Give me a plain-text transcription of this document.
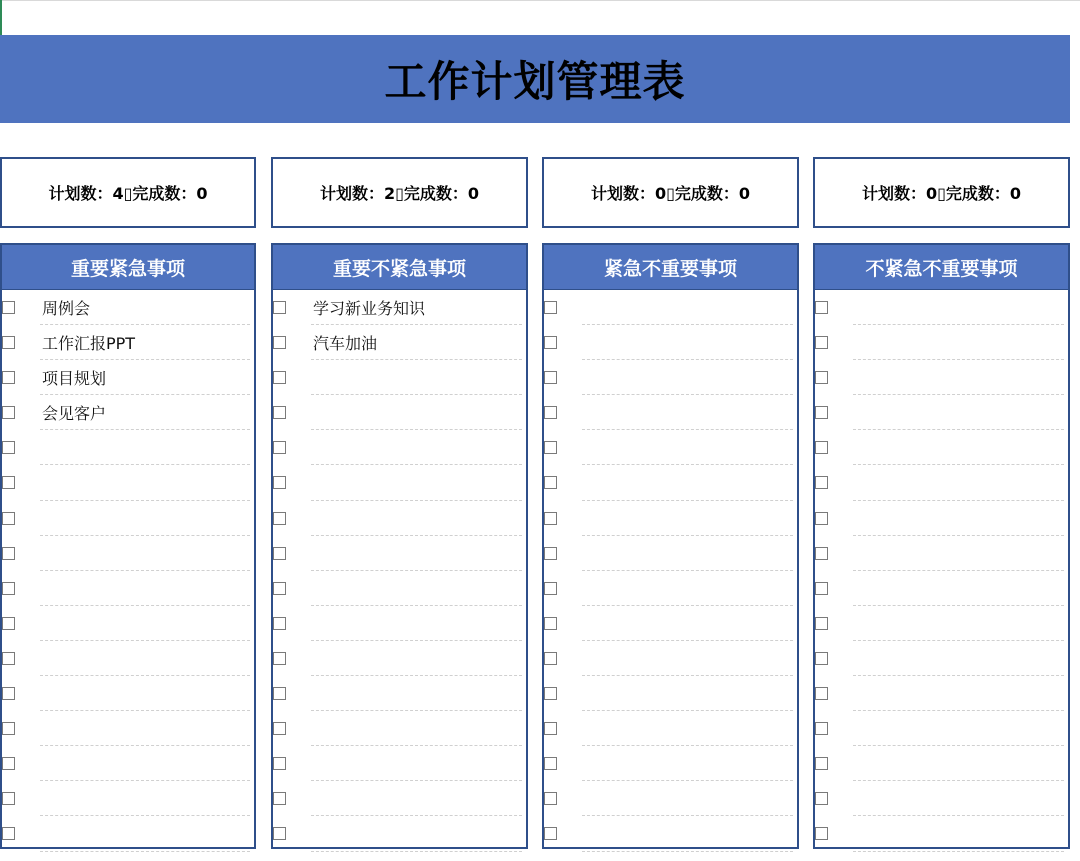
工作计划管理表
计划数：4▯完成数：0	计划数：2▯完成数：0	计划数：0▯完成数：0	计划数：0▯完成数：0
重要紧急事项
周例会
工作汇报PPT
项目规划
会见客户
重要不紧急事项
学习新业务知识
汽车加油
紧急不重要事项	不紧急不重要事项
